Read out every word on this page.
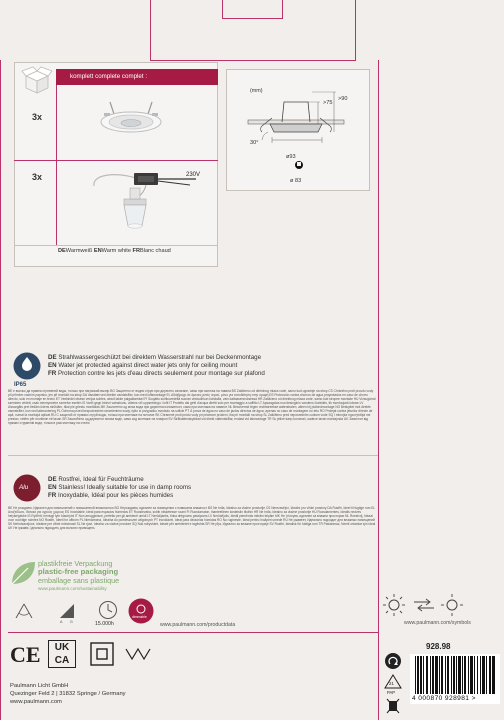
komplett complete complet :
3x
3x	230V
DEWarmweiß ENWarm white FRBlanc chaud
(mm)
>75
>90
30°
ø93
ø 83
IP65
DE Strahlwassergeschützt bei direktem Wasserstrahl nur bei Deckenmontage
EN Water jet protected against direct water jets only for ceiling mount
FR Protection contre les jets d'eau directs seulement pour montage sur plafond
BE е всичко да правна стрнвений воды, только при нагрязкий вызнр BG Защитено от водни струи при директно излагане, само при монтаж на тавана BS Zaštićeno od direktnog mlaza vode, samo kod ugradnje na strop CS Chráněno proti proudu vody při přímém vodním paprsku, jen při montáži na strop DA Vandtæt ved direkte vandstråler, kun med loftsmontage EL Αδιάβροχο σε άμεσες ριπές νερού, μόνο για τοποθέτηση στην οροφή ES Protección contra chorros de agua proyectados en caso de chorro directo, solo en montaje en techo ET Veekindel otsese veejoa suhtes, ainult lakke paigaldamisel FI Suojattu suihkuvedeltä suoran vesisuihkun kohdalla, vain kattoasennuksessa HR Zaštićeno od direktnog mlaza vode, samo kod stropne montaže HU Vízsugárral szemben védett, csak mennyezetre szerelve esetén IS Varið gegn beinni vatnsbunu, aðeins við uppsetningu í lofti IT Protetto dai getti d'acqua diretti solo per montaggio a soffitto LT Apsaugotas nuo tiesioginio vandens čiurkšlės, tik montuojant lubose LV Aizsargāts pret tiešām ūdens strūklām, tikai pie griestu montāžas MK Заштитено од млаз вода при директна изложеност, само при монтажа на таванот NL Beschermd tegen rechtstreekse waterstralen, alleen bij plafondmontage NO Beskyttet mot direkte vannstråler, kun ved takmontering PL Ochrona przed bezpośrednim strumieniem wody, tylko w przypadku montażu na suficie PT À prova de água no caso de jactos directos de água, apenas no caso de montagem no teto RO Protejat contra jeturilor directe de apă, numai la montajul aplicat RU С защитой от прямых струй воды, только при монтаже на потолке SK Chránené proti prúdu vody pri priamom prúdení, iba pri montáži na strop SL Zaščiteno pred neposrednim curkom vode SQ I mbrojtur nga rrjedhja me presion, vetëm për montimin në tavan SR Заштићено од директног млаза воде, само код монтаже на плафон SV Strålvattenskyddad vid direkt vattenstrålar, endast vid takmontage TR Su jetine karşı korumalı, sadece tavan montajında UK Захистон від прямих струменів води, тільки в разі монтажу на стелю
Alu
DE Rostfrei, Ideal für Feuchträume
EN Stainless! Ideally suitable for use in damp rooms
FR Inoxydable, Idéal pour les pièces humides
BE Не ръждаем, Идеален для помешчений с повышенной влажностью BG Неръждаем, идеален за помещения с повишена влажност BS Ne hrđa, Idealno za vlažne prostorije CS Nerezavějící, Ideální pro vlhké prostory DA Rustfri, Ideel til fugtige rum EL Ανοξείδωτο, Ιδανικό για υγρούς χώρους ES Inoxidable, Ideal para espacios húmedos ET Roostevaba, sobib niisketesse ruumi FI Ruostumaton, ihanteellinen kosteisiin tiloihin HR Ne hrđa, Idealno za vlažne prostorije HU Rozsdamentes, Ideális nedves helyiségekbe IS Ryðfrítt, hentugt fyrir blautrými IT Non arrugginisce, perfetto per gli ambienti umidi LT Nerūdijantis, tinka drėgnoms patalpoms LV Nerūsējošs, Ideāli piemērots mitrām telpām MK Не 'рѓосува, идеален за влажни простории NL Roestvrij, Ideaal voor vochtige ruimtes NO Rustfri, Ideell for våtrom PL Nierdzewna, Idealna do pomieszczeń wilgotnych PT Inoxidável, Ideal para divisórias húmidas RO Nu ruginește, Ideal pentru încăperi umede RU Не ржавеет, Идеально подходит для влажных помещений SK Nehrdzavejúce, Ideálne pre vlhké miestnosti SL Ne rjavi, Idealno za vlažne prostore SQ Nuk ndryshket, Ideale për ambientet e lagështa SR Не рђа, Идеално за влажне просторије SV Rostfri, Idealisk för fuktiga rum TR Paslanmaz, Nemli ortamlar için ideal UK Не іржавіє, Ідеально підходить для вологих приміщень
plastikfreie Verpackung
plastic-free packaging
emballage sans plastique
www.paulmann.com/sustainability
www.paulmann.com/symbols
A G	15.000h
dimmable
www.paulmann.com/productdata
CE	UK
CA
Paulmann Licht GmbH
Quezinger Feld 2 | 31832 Springe / Germany
www.paulmann.com
928.98
21
PAP
4 000870 928981 >
